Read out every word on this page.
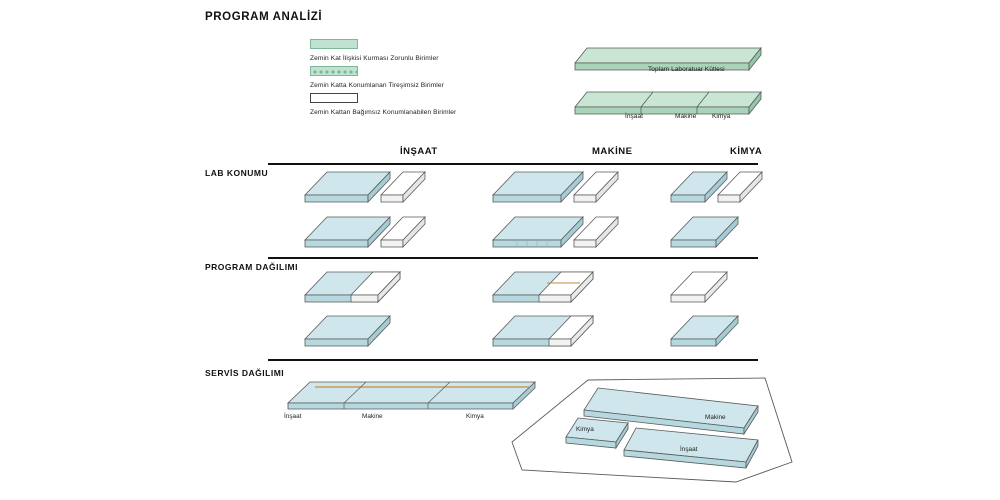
PROGRAM ANALİZİ
Zemin Kat İlişkisi Kurması Zorunlu Birimler
Zemin Katta Konumlanan Tireşimsiz Birimler
Zemin Kattan Bağımsız Konumlanabilen Birimler
Toplam Laboratuar Kütlesi
İnşaat	Makine Kimya
İNŞAAT	MAKİNE	KİMYA
LAB KONUMU
PROGRAM DAĞILIMI
SERVİS DAĞILIMI
İnşaat	Makine	Kimya
Kimya
Makine
İnşaat
